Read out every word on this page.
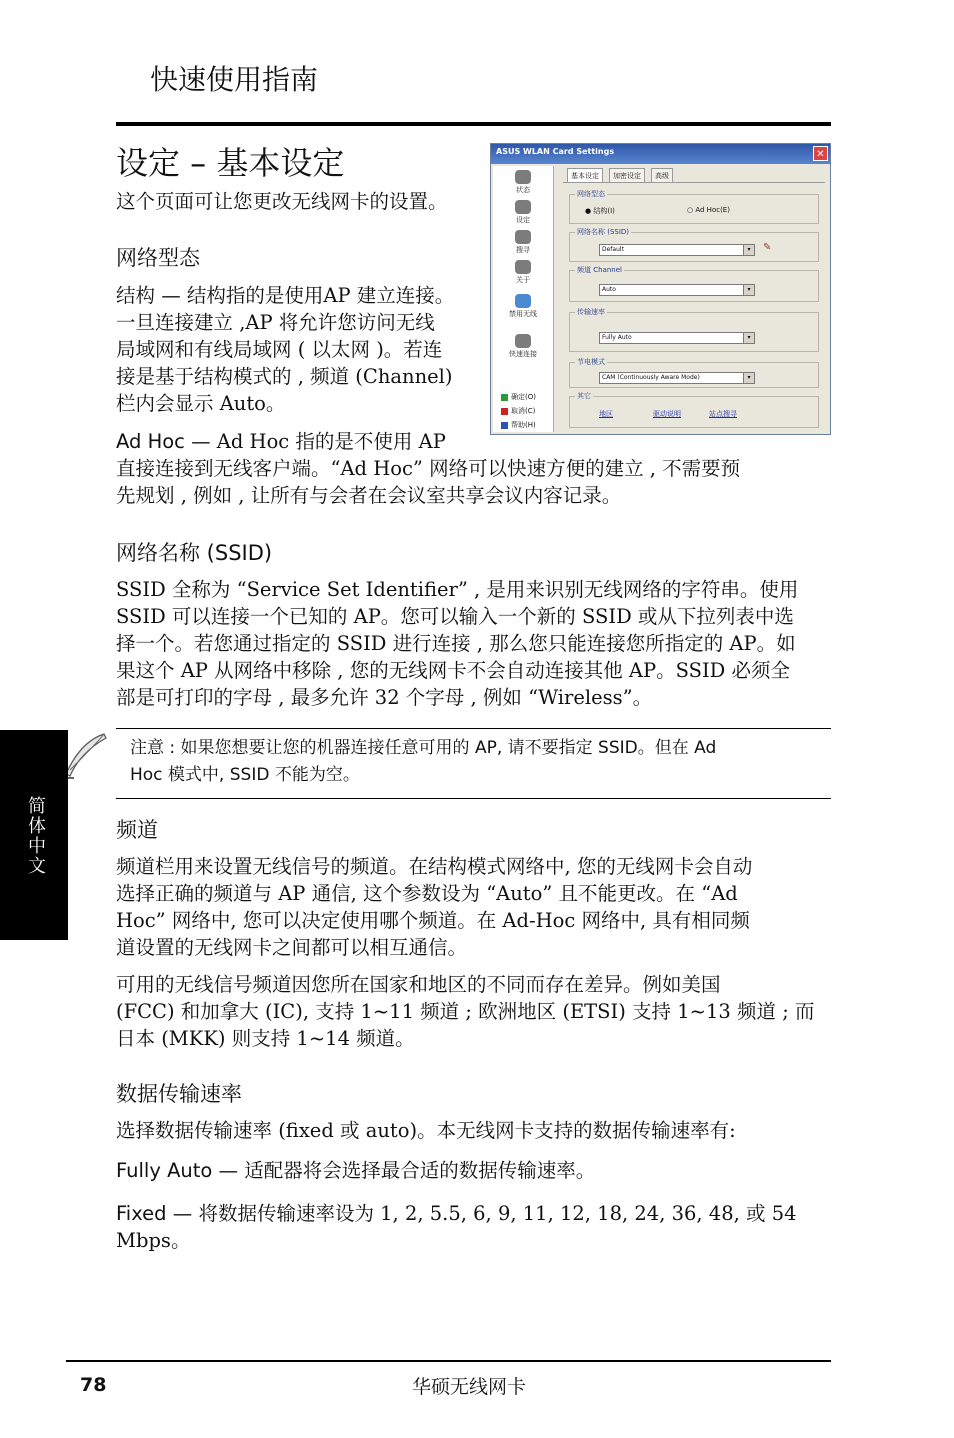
快速使用指南
设定 – 基本设定
这个页面可让您更改无线网卡的设置。
网络型态
结构 — 结构指的是使用AP 建立连接。
一旦连接建立 ,AP 将允许您访问无线
局域网和有线局域网 ( 以太网 )。若连
接是基于结构模式的 , 频道 (Channel)
栏内会显示 Auto。
Ad Hoc — Ad Hoc 指的是不使用 AP
直接连接到无线客户端。“Ad Hoc” 网络可以快速方便的建立 , 不需要预
先规划 , 例如 , 让所有与会者在会议室共享会议内容记录。
网络名称 (SSID)
SSID 全称为 “Service Set Identifier” , 是用来识别无线网络的字符串。使用
SSID 可以连接一个已知的 AP。您可以输入一个新的 SSID 或从下拉列表中选
择一个。若您通过指定的 SSID 进行连接 , 那么您只能连接您所指定的 AP。如
果这个 AP 从网络中移除 , 您的无线网卡不会自动连接其他 AP。SSID 必须全
部是可打印的字母 , 最多允许 32 个字母 , 例如 “Wireless”。
注意 : 如果您想要让您的机器连接任意可用的 AP, 请不要指定 SSID。但在 Ad
Hoc 模式中, SSID 不能为空。
频道
频道栏用来设置无线信号的频道。在结构模式网络中, 您的无线网卡会自动
选择正确的频道与 AP 通信, 这个参数设为 “Auto” 且不能更改。在 “Ad
Hoc” 网络中, 您可以决定使用哪个频道。在 Ad-Hoc 网络中, 具有相同频
道设置的无线网卡之间都可以相互通信。
可用的无线信号频道因您所在国家和地区的不同而存在差异。例如美国
(FCC) 和加拿大 (IC), 支持 1~11 频道 ; 欧洲地区 (ETSI) 支持 1~13 频道 ; 而
日本 (MKK) 则支持 1~14 频道。
数据传输速率
选择数据传输速率 (fixed 或 auto)。本无线网卡支持的数据传输速率有:
Fully Auto — 适配器将会选择最合适的数据传输速率。
Fixed — 将数据传输速率设为 1, 2, 5.5, 6, 9, 11, 12, 18, 24, 36, 48, 或 54
Mbps。
简体中文
78	华硕无线网卡
ASUS WLAN Card Settings	✕
状态
设定
搜寻
关于
禁用无线
快速连接
确定(O)
取消(C)
帮助(H)
基本设定	加密设定	高级
网络型态
● 结构(I)	○ Ad Hoc(E)
网络名称 (SSID)
Default	▾	✎
频道 Channel
Auto	▾
传输速率
Fully Auto	▾
节电模式
CAM (Continuously Aware Mode)	▾
其它
地区	驱动说明	站点搜寻
